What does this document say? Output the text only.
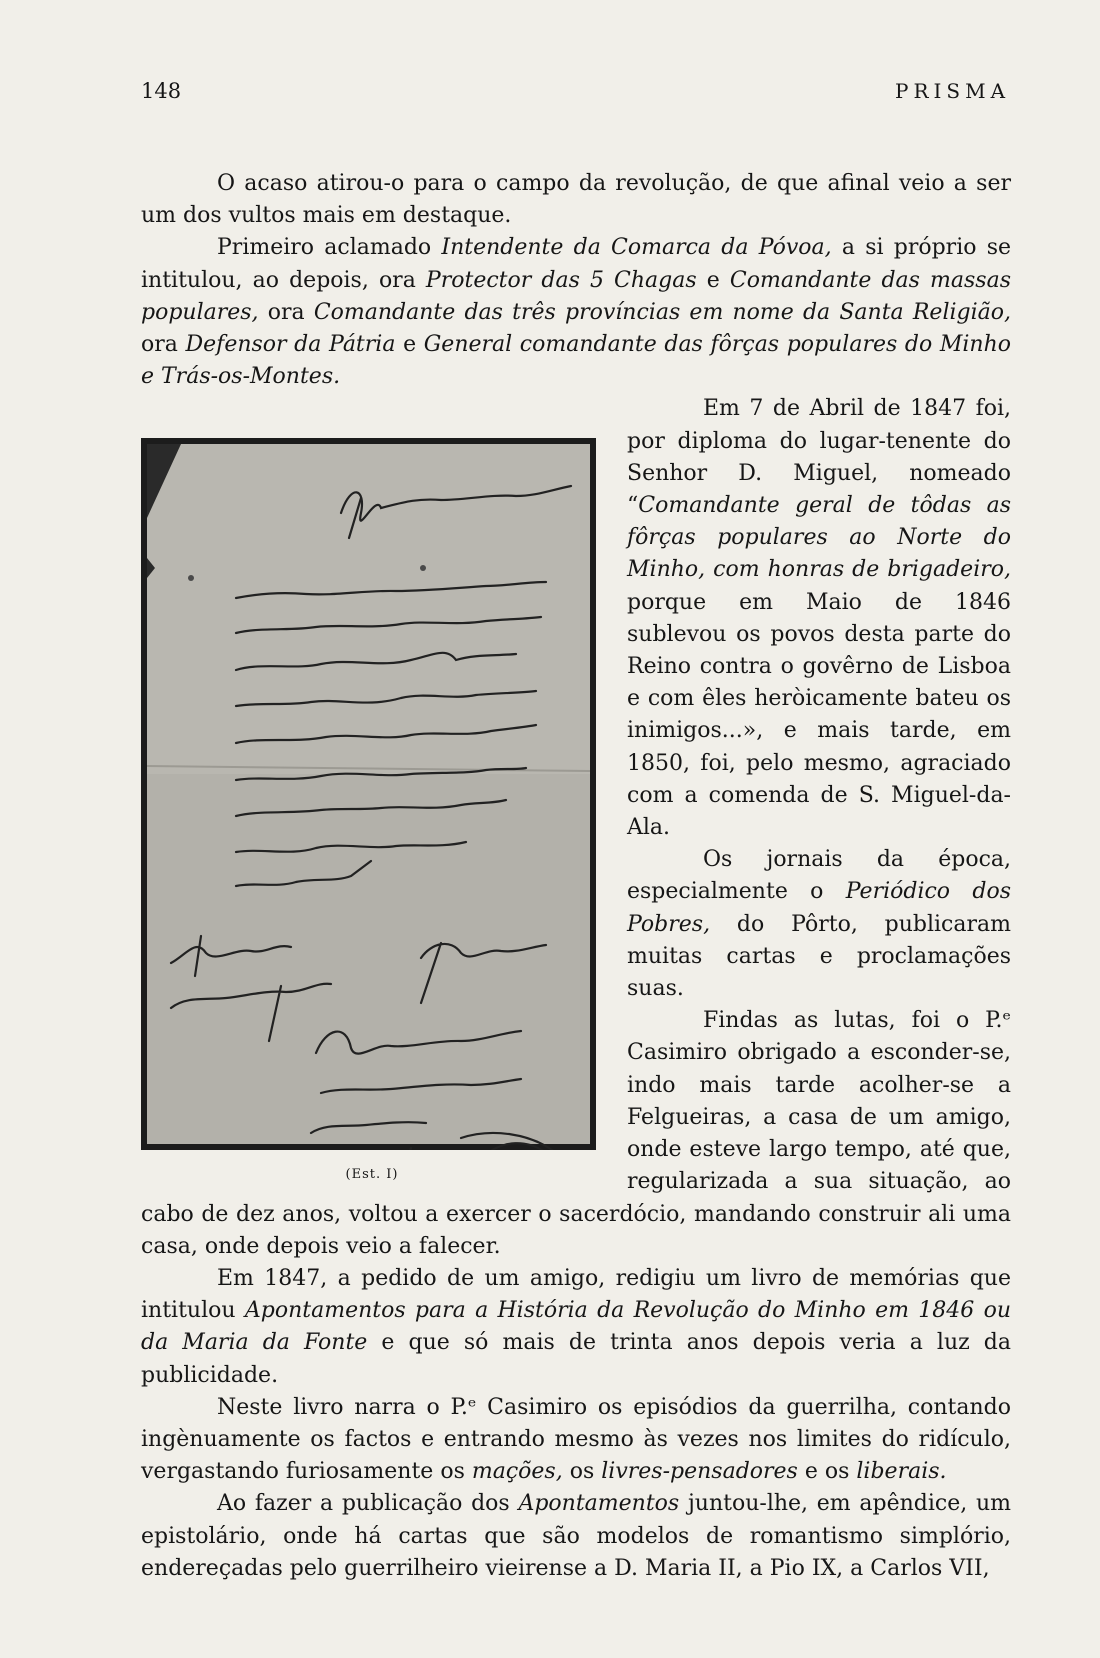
148	PRISMA

O acaso atirou-o para o campo da revolução, de que afinal veio a ser um dos vultos mais em destaque.

Primeiro aclamado Intendente da Comarca da Póvoa, a si próprio se intitulou, ao depois, ora Protector das 5 Chagas e Comandante das massas populares, ora Comandante das três províncias em nome da Santa Religião, ora Defensor da Pátria e General comandante das fôrças populares do Minho e Trás-os-Montes.

(Est. I)

Em 7 de Abril de 1847 foi, por diploma do lugar-tenente do Senhor D. Miguel, nomeado “Comandante geral de tôdas as fôrças populares ao Norte do Minho, com honras de brigadeiro, porque em Maio de 1846 sublevou os povos desta parte do Reino contra o govêrno de Lisboa e com êles heròicamente bateu os inimigos...», e mais tarde, em 1850, foi, pelo mesmo, agraciado com a comenda de S. Miguel-da-Ala.

Os jornais da época, especialmente o Periódico dos Pobres, do Pôrto, publicaram muitas cartas e proclamações suas.

Findas as lutas, foi o P.ᵉ Casimiro obrigado a esconder-se, indo mais tarde acolher-se a Felgueiras, a casa de um amigo, onde esteve largo tempo, até que, regularizada a sua situação, ao cabo de dez anos, voltou a exercer o sacerdócio, mandando construir ali uma casa, onde depois veio a falecer.

Em 1847, a pedido de um amigo, redigiu um livro de memórias que intitulou Apontamentos para a História da Revolução do Minho em 1846 ou da Maria da Fonte e que só mais de trinta anos depois veria a luz da publicidade.

Neste livro narra o P.ᵉ Casimiro os episódios da guerrilha, contando ingènuamente os factos e entrando mesmo às vezes nos limites do ridículo, vergastando furiosamente os mações, os livres-pensadores e os liberais.

Ao fazer a publicação dos Apontamentos juntou-lhe, em apêndice, um epistolário, onde há cartas que são modelos de romantismo simplório, endereçadas pelo guerrilheiro vieirense a D. Maria II, a Pio IX, a Carlos VII,
